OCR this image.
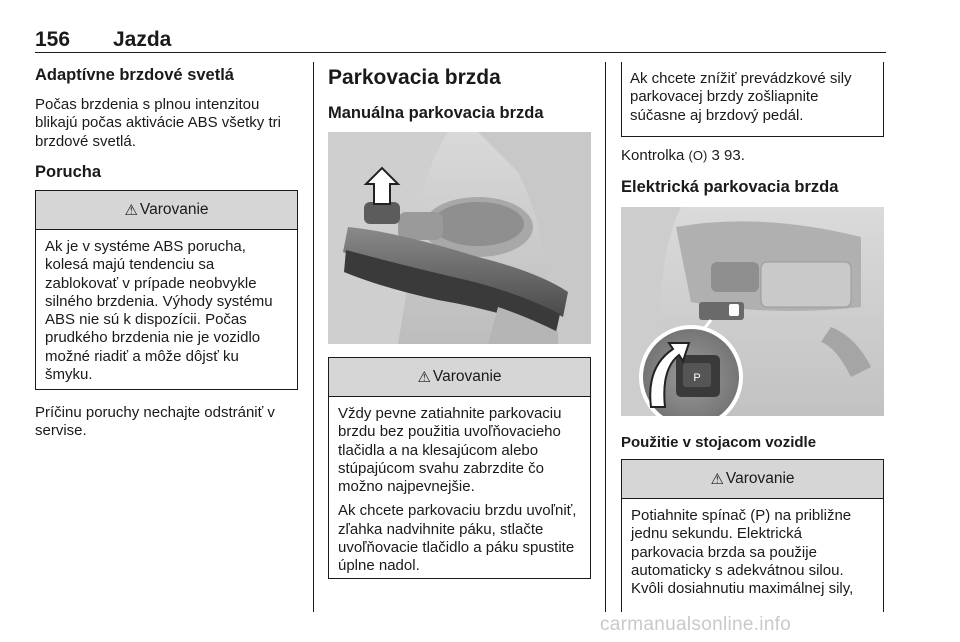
156 Jazda
Adaptívne brzdové svetlá
Počas brzdenia s plnou intenzitou blikajú počas aktivácie ABS všetky tri brzdové svetlá.
Porucha
⚠ Varovanie

Ak je v systéme ABS porucha, kolesá majú tendenciu sa zablokovať v prípade neobvykle silného brzdenia. Výhody systému ABS nie sú k dispozícii. Počas prudkého brzdenia nie je vozidlo možné riadiť a môže dôjsť ku šmyku.

Príčinu poruchy nechajte odstrániť v servise.
Parkovacia brzda
Manuálna parkovacia brzda
⚠ Varovanie

Vždy pevne zatiahnite parkovaciu brzdu bez použitia uvoľňovacieho tlačidla a na klesajúcom alebo stúpajúcom svahu zabrzdite čo možno najpevnejšie.

Ak chcete parkovaciu brzdu uvoľniť, zľahka nadvihnite páku, stlačte uvoľňovacie tlačidlo a páku spustite úplne nadol.

Ak chcete znížiť prevádzkové sily parkovacej brzdy zošliapnite súčasne aj brzdový pedál.
Kontrolka (O) 3 93.
Elektrická parkovacia brzda
P
Použitie v stojacom vozidle
⚠ Varovanie

Potiahnite spínač (P) na približne jednu sekundu. Elektrická parkovacia brzda sa použije automaticky s adekvátnou silou. Kvôli dosiahnutiu maximálnej sily,

carmanualsonline.info
